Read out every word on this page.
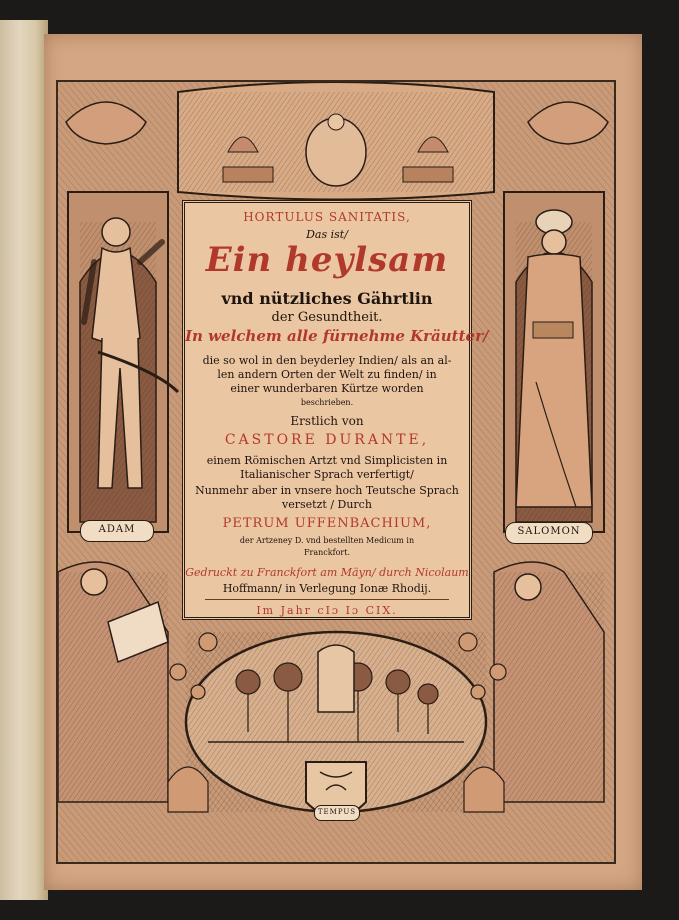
HORTULUS SANITATIS,

Das ist/

Ein heylsam

vnd nützliches Gährtlin

der Gesundtheit.

In welchem alle fürnehme Kräutter/

die so wol in den beyderley Indien/ als an al-

len andern Orten der Welt zu finden/ in

einer wunderbaren Kürtze worden

beschrieben.

Erstlich von

CASTORE DURANTE,

einem Römischen Artzt vnd Simplicisten in

Italianischer Sprach verfertigt/

Nunmehr aber in vnsere hoch Teutsche Sprach

versetzt / Durch

PETRUM UFFENBACHIUM,

der Artzeney D. vnd bestellten Medicum in

Franckfort.

Gedruckt zu Franckfort am Mäyn/ durch Nicolaum

Hoffmann/ in Verlegung Ionæ Rhodij.

Im Jahr cIɔ Iɔ CIX.

ADAM	SALOMON
TEMPUS
